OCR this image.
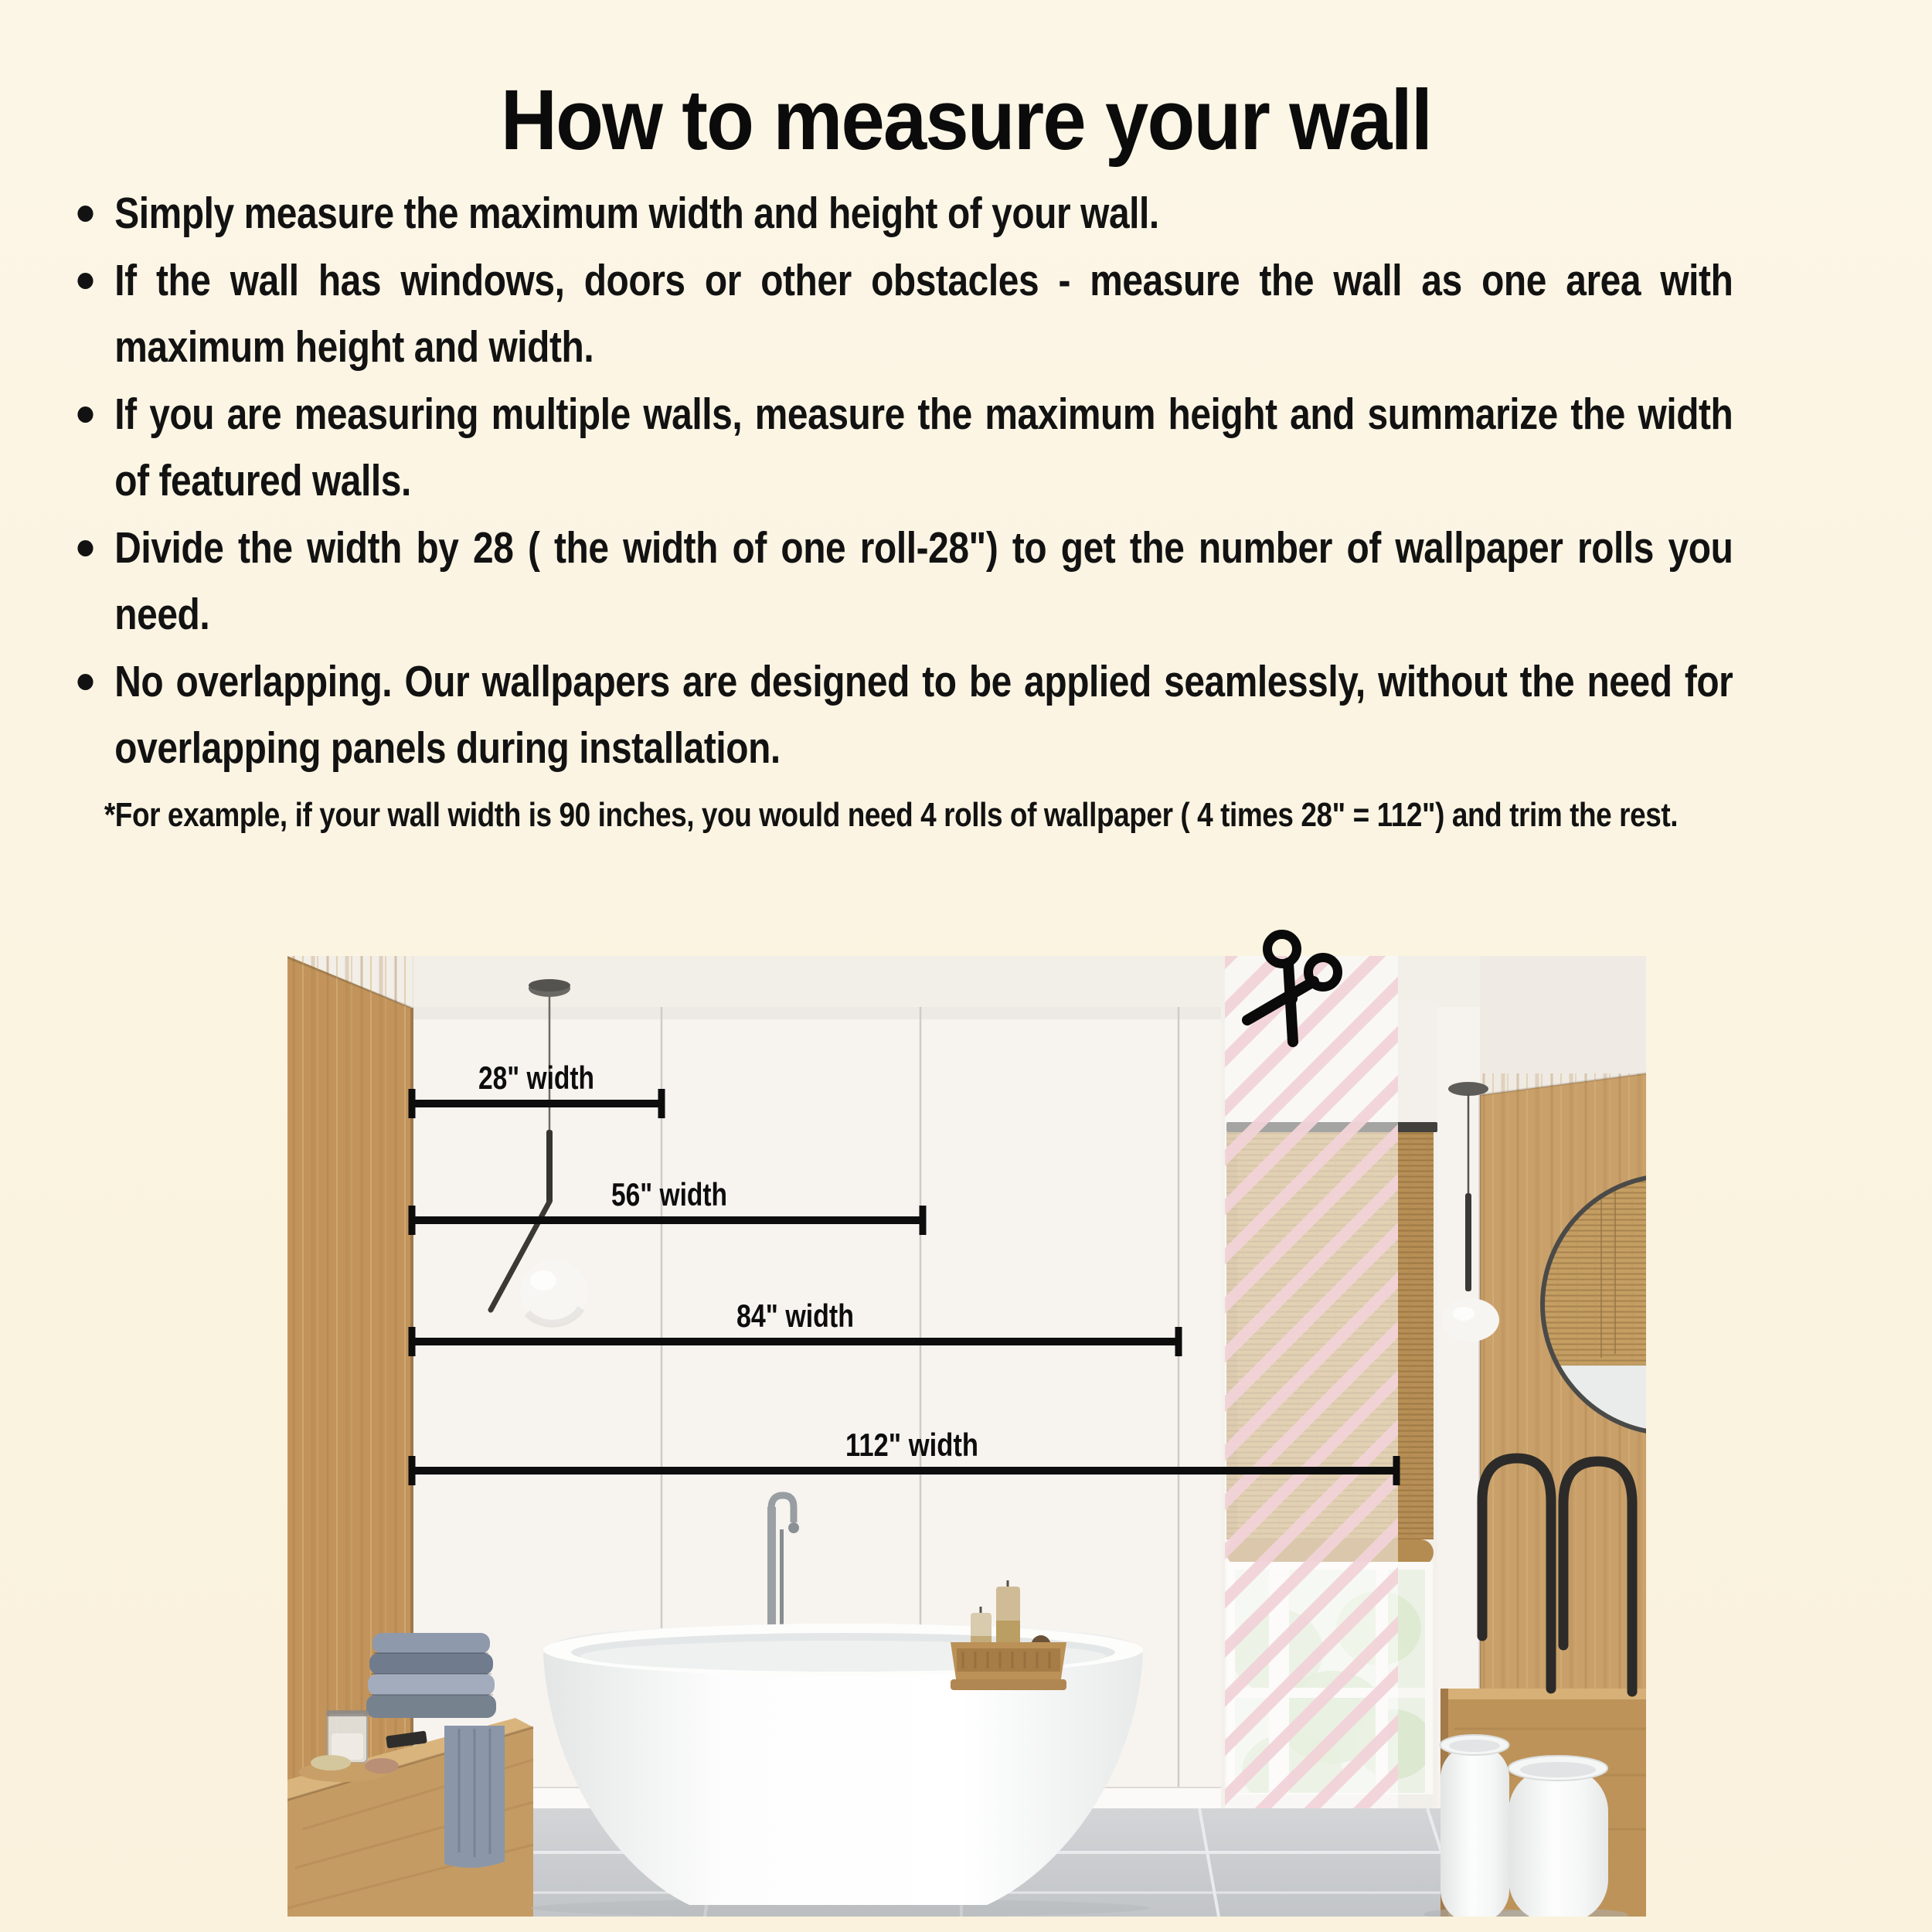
How to measure your wall
Simply measure the maximum width and height of your wall.
If the wall has windows, doors or other obstacles - measure the wall as one area with maximum height and width.
If you are measuring multiple walls, measure the maximum height and summarize the width of featured walls.
Divide the width by 28 ( the width of one roll-28") to get the number of wallpaper rolls you need.
No overlapping. Our wallpapers are designed to be applied seamlessly, without the need for overlapping panels during installation.

*For example, if your wall width is 90 inches, you would need 4 rolls of wallpaper ( 4 times 28" = 112") and trim the rest.

28" width
56" width
84" width
112" width
